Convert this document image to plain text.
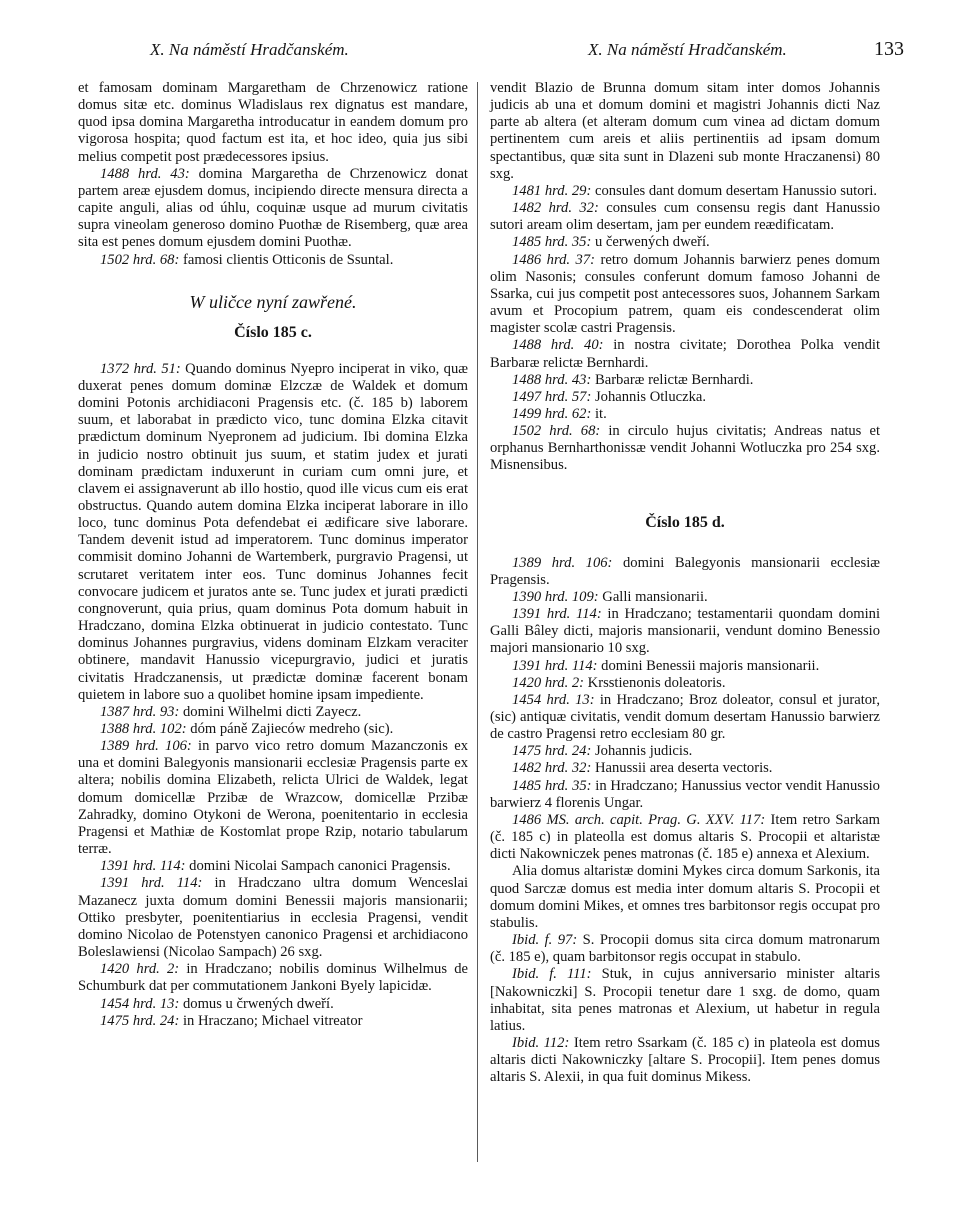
X. Na náměstí Hradčanském.	X. Na náměstí Hradčanském.	133

et famosam dominam Margaretham de Chrzenowicz ratione domus sitæ etc. dominus Wladislaus rex dignatus est mandare, quod ipsa domina Margaretha introducatur in eandem domum pro vigorosa hospita; quod factum est ita, et hoc ideo, quia jus sibi melius competit post prædecessores ipsius.

1488 hrd. 43: domina Margaretha de Chrzenowicz donat partem areæ ejusdem domus, incipiendo directe mensura directa a capite anguli, alias od úhlu, coquinæ usque ad murum civitatis supra vineolam generoso domino Puothæ de Risemberg, quæ area sita est penes domum ejusdem domini Puothæ.

1502 hrd. 68: famosi clientis Otticonis de Ssuntal.

W uličce nyní zawřené.
Číslo 185 c.

1372 hrd. 51: Quando dominus Nyepro inciperat in viko, quæ duxerat penes domum dominæ Elzczæ de Waldek et domum domini Potonis archidiaconi Pragensis etc. (č. 185 b) laborem suum, et laborabat in prædicto vico, tunc domina Elzka citavit prædictum dominum Nyepronem ad judicium. Ibi domina Elzka in judicio nostro obtinuit jus suum, et statim judex et jurati dominam prædictam induxerunt in curiam cum omni jure, et clavem ei assignaverunt ab illo hostio, quod ille vicus cum eis erat obstructus. Quando autem domina Elzka inciperat laborare in illo loco, tunc dominus Pota defendebat ei ædificare sive laborare. Tandem devenit istud ad imperatorem. Tunc dominus imperator commisit domino Johanni de Wartemberk, purgravio Pragensi, ut scrutaret veritatem inter eos. Tunc dominus Johannes fecit convocare judicem et juratos ante se. Tunc judex et jurati prædicti congnoverunt, quia prius, quam dominus Pota domum habuit in Hradczano, domina Elzka obtinuerat in judicio contestato. Tunc dominus Johannes purgravius, videns dominam Elzkam veraciter obtinere, mandavit Hanussio vicepurgravio, judici et juratis civitatis Hradczanensis, ut prædictæ dominæ facerent bonam quietem in labore suo a quolibet homine ipsam impediente.

1387 hrd. 93: domini Wilhelmi dicti Zayecz.

1388 hrd. 102: dóm páně Zajieców medreho (sic).

1389 hrd. 106: in parvo vico retro domum Mazanczonis ex una et domini Balegyonis mansionarii ecclesiæ Pragensis parte ex altera; nobilis domina Elizabeth, relicta Ulrici de Waldek, legat domum domicellæ Przibæ de Wrazcow, domicellæ Przibæ Zahradky, domino Otykoni de Werona, poenitentario in ecclesia Pragensi et Mathiæ de Kostomlat prope Rzip, notario tabularum terræ.

1391 hrd. 114: domini Nicolai Sampach canonici Pragensis.

1391 hrd. 114: in Hradczano ultra domum Wenceslai Mazanecz juxta domum domini Benessii majoris mansionarii; Ottiko presbyter, poenitentiarius in ecclesia Pragensi, vendit domino Nicolao de Potenstyen canonico Pragensi et archidiacono Boleslawiensi (Nicolao Sampach) 26 sxg.

1420 hrd. 2: in Hradczano; nobilis dominus Wilhelmus de Schumburk dat per commutationem Jankoni Byely lapicidæ.

1454 hrd. 13: domus u črwených dweří.

1475 hrd. 24: in Hraczano; Michael vitreator

vendit Blazio de Brunna domum sitam inter domos Johannis judicis ab una et domum domini et magistri Johannis dicti Naz parte ab altera (et alteram domum cum vinea ad dictam domum pertinentem cum areis et aliis pertinentiis ad ipsam domum spectantibus, quæ sita sunt in Dlazeni sub monte Hraczanensi) 80 sxg.

1481 hrd. 29: consules dant domum desertam Hanussio sutori.

1482 hrd. 32: consules cum consensu regis dant Hanussio sutori aream olim desertam, jam per eundem reædificatam.

1485 hrd. 35: u čerwených dweří.

1486 hrd. 37: retro domum Johannis barwierz penes domum olim Nasonis; consules conferunt domum famoso Johanni de Ssarka, cui jus competit post antecessores suos, Johannem Sarkam avum et Procopium patrem, quam eis condescenderat olim magister scolæ castri Pragensis.

1488 hrd. 40: in nostra civitate; Dorothea Polka vendit Barbaræ relictæ Bernhardi.

1488 hrd. 43: Barbaræ relictæ Bernhardi.

1497 hrd. 57: Johannis Otluczka.

1499 hrd. 62: it.

1502 hrd. 68: in circulo hujus civitatis; Andreas natus et orphanus Bernharthonissæ vendit Johanni Wotluczka pro 254 sxg. Misnensibus.

Číslo 185 d.

1389 hrd. 106: domini Balegyonis mansionarii ecclesiæ Pragensis.

1390 hrd. 109: Galli mansionarii.

1391 hrd. 114: in Hradczano; testamentarii quondam domini Galli Bâley dicti, majoris mansionarii, vendunt domino Benessio majori mansionario 10 sxg.

1391 hrd. 114: domini Benessii majoris mansionarii.

1420 hrd. 2: Krsstienonis doleatoris.

1454 hrd. 13: in Hradczano; Broz doleator, consul et jurator, (sic) antiquæ civitatis, vendit domum desertam Hanussio barwierz de castro Pragensi retro ecclesiam 80 gr.

1475 hrd. 24: Johannis judicis.

1482 hrd. 32: Hanussii area deserta vectoris.

1485 hrd. 35: in Hradczano; Hanussius vector vendit Hanussio barwierz 4 florenis Ungar.

1486 MS. arch. capit. Prag. G. XXV. 117: Item retro Sarkam (č. 185 c) in plateolla est domus altaris S. Procopii et altaristæ dicti Nakowniczek penes matronas (č. 185 e) annexa et Alexium.

Alia domus altaristæ domini Mykes circa domum Sarkonis, ita quod Sarczæ domus est media inter domum altaris S. Procopii et domum domini Mikes, et omnes tres barbitonsor regis occupat pro stabulis.

Ibid. f. 97: S. Procopii domus sita circa domum matronarum (č. 185 e), quam barbitonsor regis occupat in stabulo.

Ibid. f. 111: Stuk, in cujus anniversario minister altaris [Nakowniczki] S. Procopii tenetur dare 1 sxg. de domo, quam inhabitat, sita penes matronas et Alexium, ut habetur in regula latius.

Ibid. 112: Item retro Ssarkam (č. 185 c) in plateola est domus altaris dicti Nakowniczky [altare S. Procopii]. Item penes domus altaris S. Alexii, in qua fuit dominus Mikess.
